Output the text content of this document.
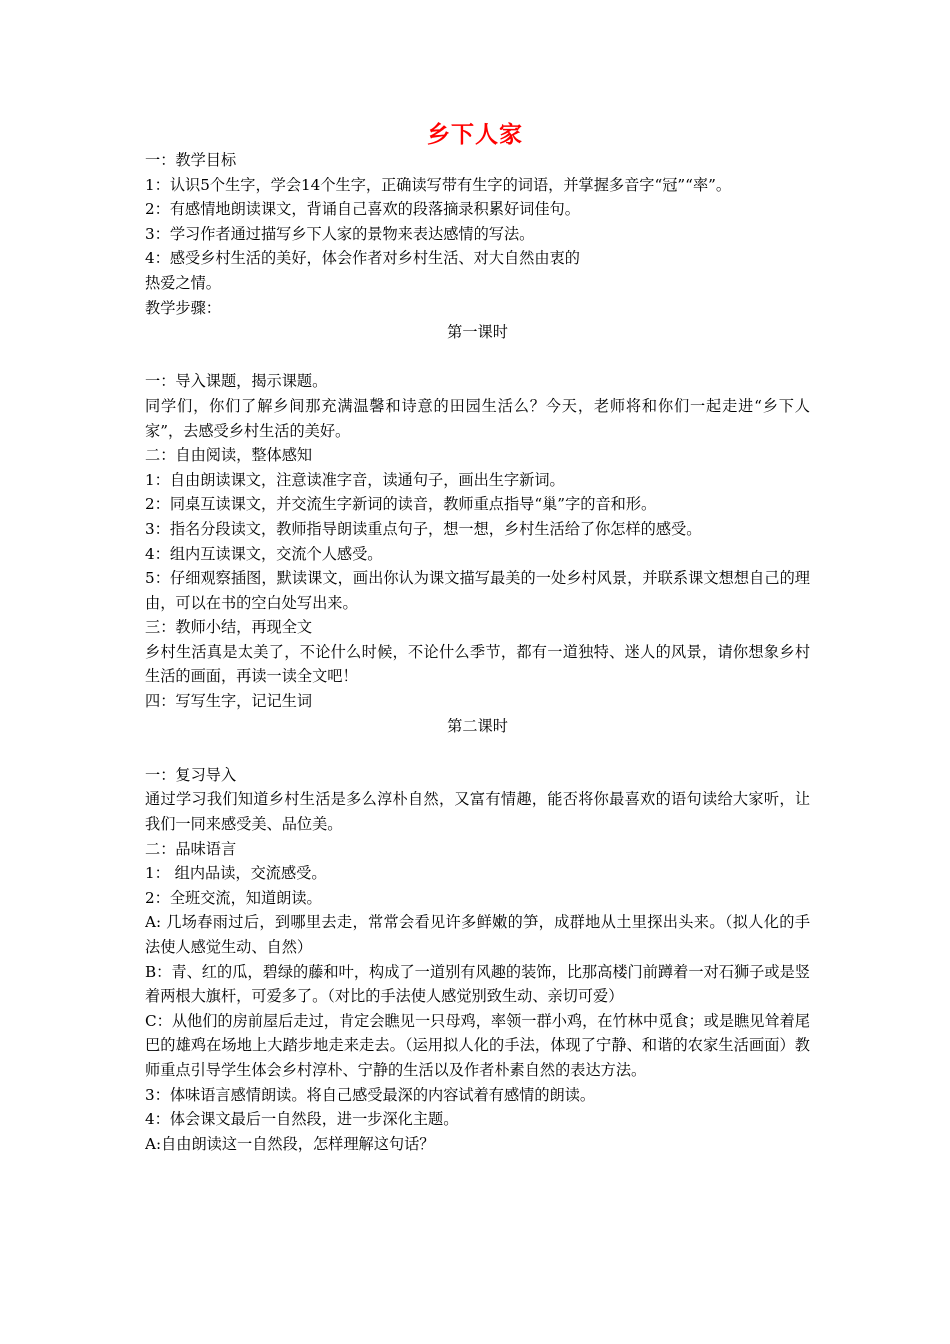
乡下人家
一：教学目标
1：认识5个生字，学会14个生字，正确读写带有生字的词语，并掌握多音字“冠”“率”。
2：有感情地朗读课文，背诵自己喜欢的段落摘录积累好词佳句。
3：学习作者通过描写乡下人家的景物来表达感情的写法。
4：感受乡村生活的美好，体会作者对乡村生活、对大自然由衷的
热爱之情。
教学步骤：
第一课时
一：导入课题，揭示课题。
同学们，你们了解乡间那充满温馨和诗意的田园生活么？今天，老师将和你们一起走进“乡下人家”，去感受乡村生活的美好。
二：自由阅读，整体感知
1：自由朗读课文，注意读准字音，读通句子，画出生字新词。
2：同桌互读课文，并交流生字新词的读音，教师重点指导“巢”字的音和形。
3：指名分段读文，教师指导朗读重点句子，想一想，乡村生活给了你怎样的感受。
4：组内互读课文，交流个人感受。
5：仔细观察插图，默读课文，画出你认为课文描写最美的一处乡村风景，并联系课文想想自己的理由，可以在书的空白处写出来。
三：教师小结，再现全文
乡村生活真是太美了，不论什么时候，不论什么季节，都有一道独特、迷人的风景，请你想象乡村生活的画面，再读一读全文吧！
四：写写生字，记记生词
第二课时
一：复习导入
通过学习我们知道乡村生活是多么淳朴自然，又富有情趣，能否将你最喜欢的语句读给大家听，让我们一同来感受美、品位美。
二：品味语言
1： 组内品读，交流感受。
2：全班交流，知道朗读。
A: 几场春雨过后，到哪里去走，常常会看见许多鲜嫩的笋，成群地从土里探出头来。（拟人化的手法使人感觉生动、自然）
B：青、红的瓜，碧绿的藤和叶，构成了一道别有风趣的装饰，比那高楼门前蹲着一对石狮子或是竖着两根大旗杆，可爱多了。（对比的手法使人感觉别致生动、亲切可爱）
C：从他们的房前屋后走过，肯定会瞧见一只母鸡，率领一群小鸡，在竹林中觅食；或是瞧见耸着尾巴的雄鸡在场地上大踏步地走来走去。（运用拟人化的手法，体现了宁静、和谐的农家生活画面）教师重点引导学生体会乡村淳朴、宁静的生活以及作者朴素自然的表达方法。
3：体味语言感情朗读。将自己感受最深的内容试着有感情的朗读。
4：体会课文最后一自然段，进一步深化主题。
A:自由朗读这一自然段，怎样理解这句话？
